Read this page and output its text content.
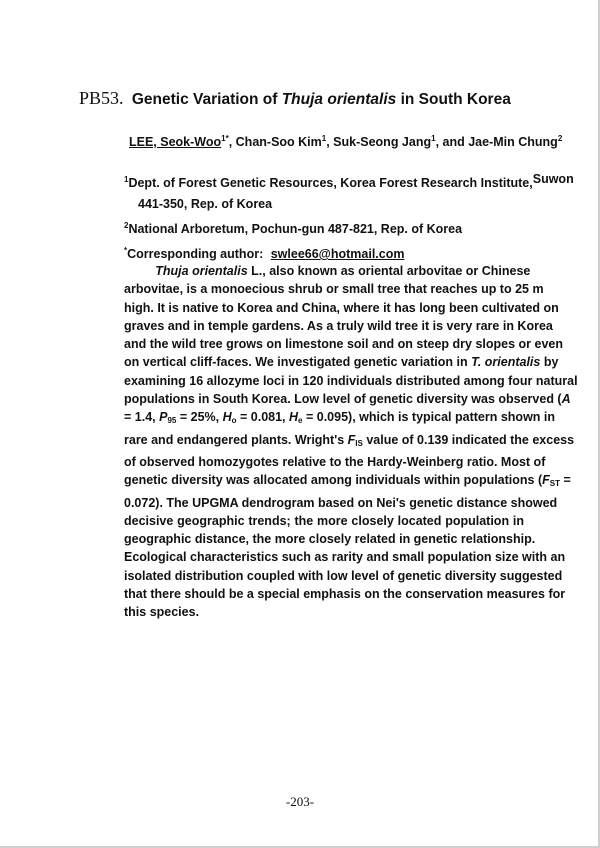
PB53. Genetic Variation of Thuja orientalis in South Korea
LEE, Seok-Woo$^{1*}$, Chan-Soo Kim$^1$, Suk-Seong Jang$^1$, and Jae-Min Chung$^2$
$^1$Dept. of Forest Genetic Resources, Korea Forest Research Institute, Suwon
441-350, Rep. of Korea
$^2$National Arboretum, Pochun-gun 487-821, Rep. of Korea
*Corresponding author: swlee66@hotmail.com
Thuja orientalis L., also known as oriental arbovitae or Chinese
arbovitae, is a monoecious shrub or small tree that reaches up to 25 m
high. It is native to Korea and China, where it has long been cultivated on
graves and in temple gardens. As a truly wild tree it is very rare in Korea
and the wild tree grows on limestone soil and on steep dry slopes or even
on vertical cliff-faces. We investigated genetic variation in T. orientalis by
examining 16 allozyme loci in 120 individuals distributed among four natural
populations in South Korea. Low level of genetic diversity was observed (A
= 1.4, $P_{95} = 25\%$, $H_o = 0.081$, $H_e = 0.095$), which is typical pattern shown in
rare and endangered plants. Wright's $F_{IS}$ value of 0.139 indicated the excess
of observed homozygotes relative to the Hardy-Weinberg ratio. Most of
genetic diversity was allocated among individuals within populations ($F_{ST}$ =
0.072). The UPGMA dendrogram based on Nei's genetic distance showed
decisive geographic trends; the more closely located population in
geographic distance, the more closely related in genetic relationship.
Ecological characteristics such as rarity and small population size with an
isolated distribution coupled with low level of genetic diversity suggested
that there should be a special emphasis on the conservation measures for
this species.
-203-
